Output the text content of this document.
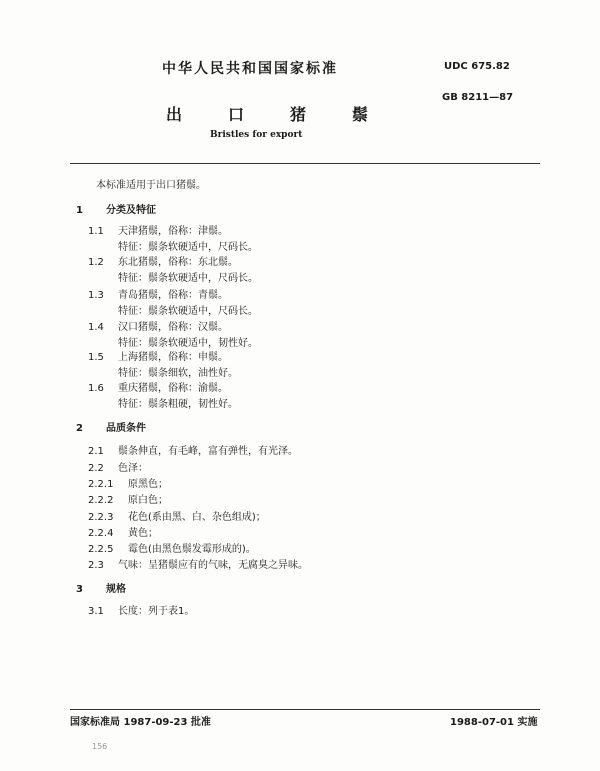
中华人民共和国国家标准	UDC 675.82
GB 8211—87
出	口	猪	鬃
Bristles for export
本标准适用于出口猪鬃。
1 分类及特征
1.1 天津猪鬃，俗称：津鬃。
特征：鬃条软硬适中，尺码长。
1.2 东北猪鬃，俗称：东北鬃。
特征：鬃条软硬适中，尺码长。
1.3 青岛猪鬃，俗称：青鬃。
特征：鬃条软硬适中，尺码长。
1.4 汉口猪鬃，俗称：汉鬃。
特征：鬃条软硬适中，韧性好。
1.5 上海猪鬃，俗称：申鬃。
特征：鬃条细软，油性好。
1.6 重庆猪鬃，俗称：渝鬃。
特征：鬃条粗硬，韧性好。
2 品质条件
2.1 鬃条伸直，有毛峰，富有弹性，有光泽。
2.2 色泽：
2.2.1 原黑色；
2.2.2 原白色；
2.2.3 花色(系由黑、白、杂色组成)；
2.2.4 黄色；
2.2.5 霉色(由黑色鬃发霉形成的)。
2.3 气味：呈猪鬃应有的气味，无腐臭之异味。
3 规格
3.1 长度：列于表1。
国家标准局 1987-09-23 批准	1988-07-01 实施
156
